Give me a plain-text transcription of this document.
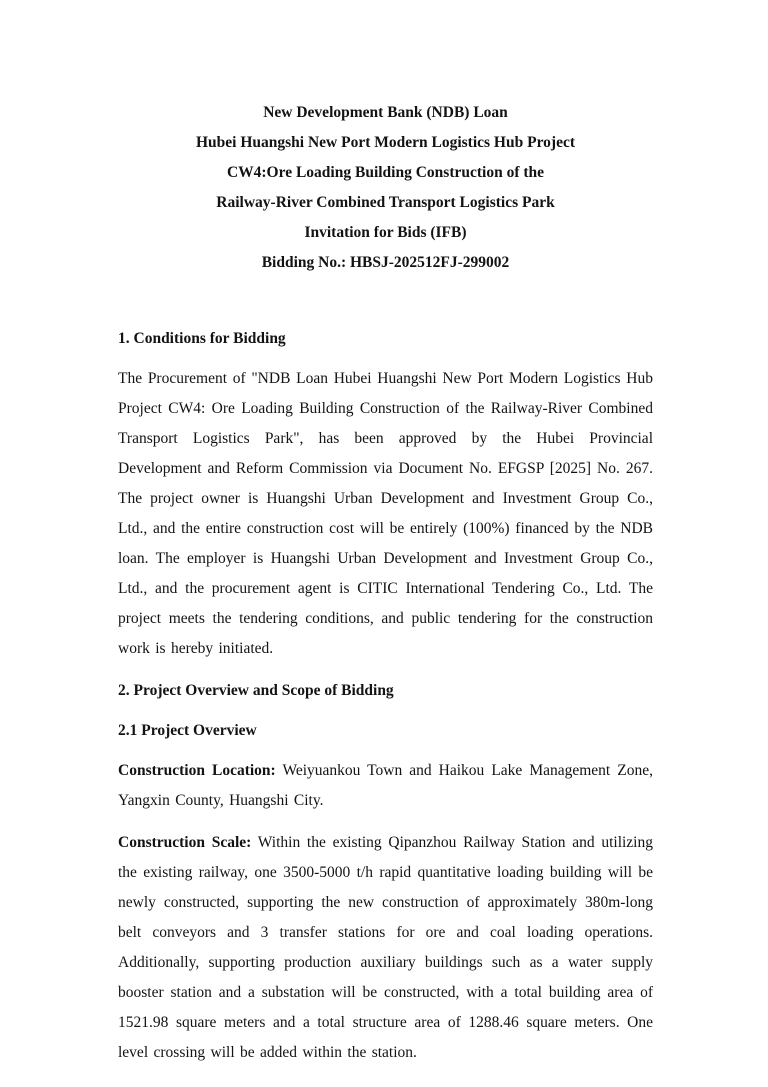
New Development Bank (NDB) Loan
Hubei Huangshi New Port Modern Logistics Hub Project
CW4:Ore Loading Building Construction of the
Railway-River Combined Transport Logistics Park
Invitation for Bids (IFB)
Bidding No.: HBSJ-202512FJ-299002
1. Conditions for Bidding

The Procurement of "NDB Loan Hubei Huangshi New Port Modern Logistics Hub Project CW4: Ore Loading Building Construction of the Railway-River Combined Transport Logistics Park", has been approved by the Hubei Provincial Development and Reform Commission via Document No. EFGSP [2025] No. 267. The project owner is Huangshi Urban Development and Investment Group Co., Ltd., and the entire construction cost will be entirely (100%) financed by the NDB loan. The employer is Huangshi Urban Development and Investment Group Co., Ltd., and the procurement agent is CITIC International Tendering Co., Ltd. The project meets the tendering conditions, and public tendering for the construction work is hereby initiated.

2. Project Overview and Scope of Bidding
2.1 Project Overview

Construction Location: Weiyuankou Town and Haikou Lake Management Zone, Yangxin County, Huangshi City.

Construction Scale: Within the existing Qipanzhou Railway Station and utilizing the existing railway, one 3500-5000 t/h rapid quantitative loading building will be newly constructed, supporting the new construction of approximately 380m-long belt conveyors and 3 transfer stations for ore and coal loading operations. Additionally, supporting production auxiliary buildings such as a water supply booster station and a substation will be constructed, with a total building area of 1521.98 square meters and a total structure area of 1288.46 square meters. One level crossing will be added within the station.
